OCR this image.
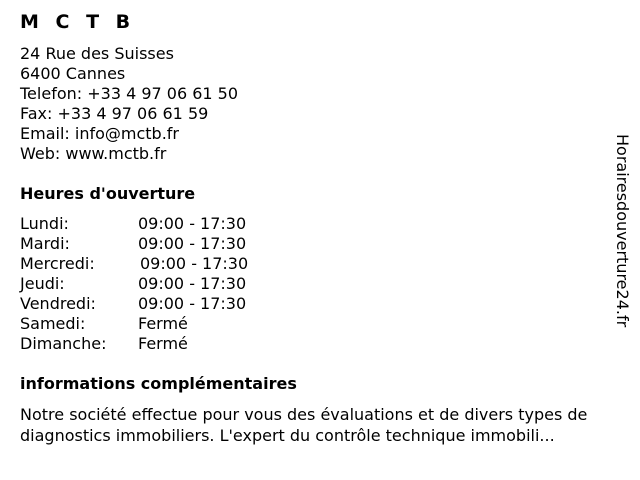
M C T B
24 Rue des Suisses
6400 Cannes
Telefon: +33 4 97 06 61 50
Fax: +33 4 97 06 61 59
Email: info@mctb.fr
Web: www.mctb.fr
Heures d'ouverture
Lundi:	09:00 - 17:30
Mardi:	09:00 - 17:30
Mercredi:	09:00 - 17:30
Jeudi:	09:00 - 17:30
Vendredi:	09:00 - 17:30
Samedi:	Fermé
Dimanche: Fermé
informations complémentaires

Notre société effectue pour vous des évaluations et de divers types de
diagnostics immobiliers. L'expert du contrôle technique immobili...

Horairesdouverture24.fr
